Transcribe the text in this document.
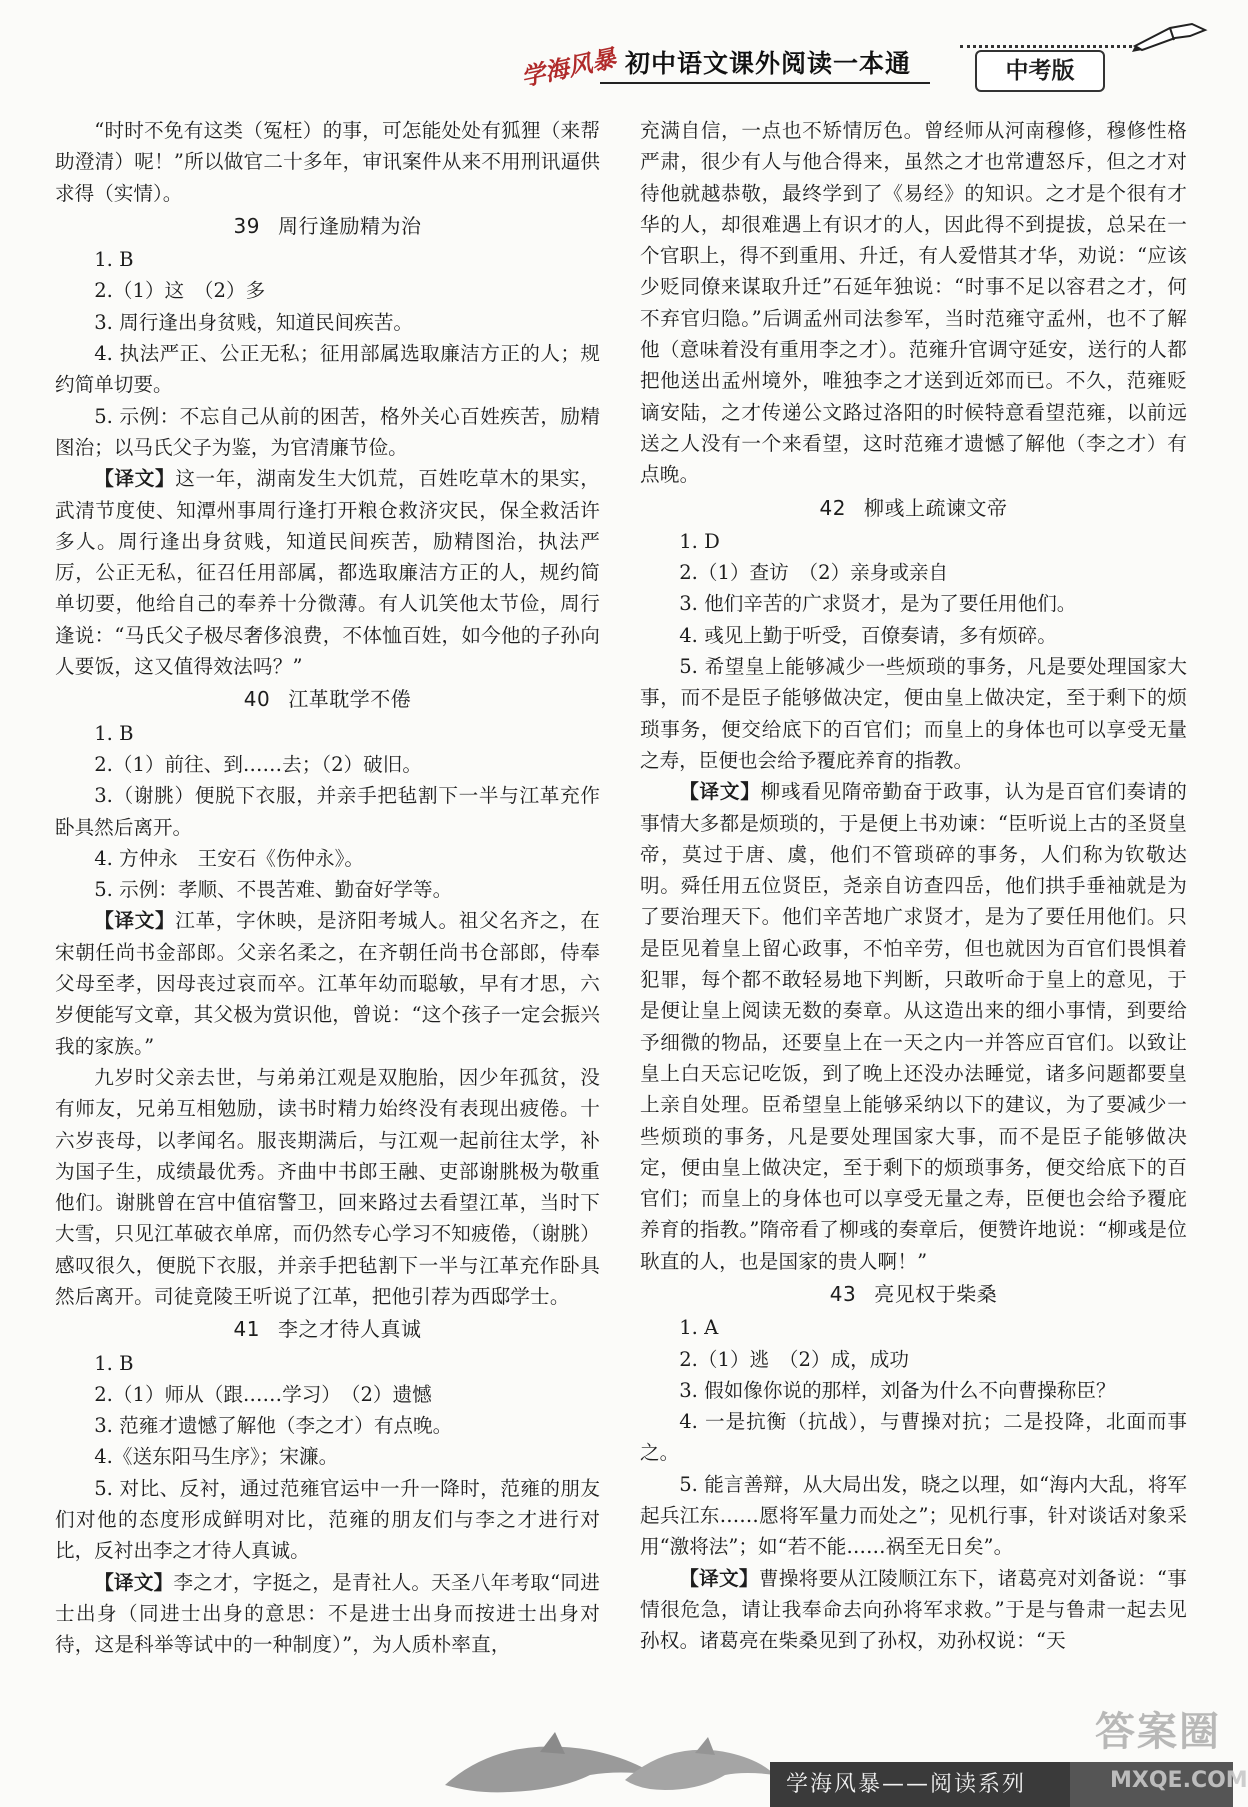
学海风暴 初中语文课外阅读一本通	中考版

“时时不免有这类（冤枉）的事，可怎能处处有狐狸（来帮助澄清）呢！”所以做官二十多年，审讯案件从来不用刑讯逼供求得（实情）。

39 周行逢励精为治

1. B

2.（1）这　（2）多

3. 周行逢出身贫贱，知道民间疾苦。

4. 执法严正、公正无私；征用部属选取廉洁方正的人；规约简单切要。

5. 示例：不忘自己从前的困苦，格外关心百姓疾苦，励精图治；以马氏父子为鉴，为官清廉节俭。

【译文】这一年，湖南发生大饥荒，百姓吃草木的果实，武清节度使、知潭州事周行逢打开粮仓救济灾民，保全救活许多人。周行逢出身贫贱，知道民间疾苦，励精图治，执法严厉，公正无私，征召任用部属，都选取廉洁方正的人，规约简单切要，他给自己的奉养十分微薄。有人讥笑他太节俭，周行逢说：“马氏父子极尽奢侈浪费，不体恤百姓，如今他的子孙向人要饭，这又值得效法吗？”

40 江革耽学不倦

1. B

2.（1）前往、到……去；（2）破旧。

3.（谢朓）便脱下衣服，并亲手把毡割下一半与江革充作卧具然后离开。

4. 方仲永　王安石《伤仲永》。

5. 示例：孝顺、不畏苦难、勤奋好学等。

【译文】江革，字休映，是济阳考城人。祖父名齐之，在宋朝任尚书金部郎。父亲名柔之，在齐朝任尚书仓部郎，侍奉父母至孝，因母丧过哀而卒。江革年幼而聪敏，早有才思，六岁便能写文章，其父极为赏识他，曾说：“这个孩子一定会振兴我的家族。”

九岁时父亲去世，与弟弟江观是双胞胎，因少年孤贫，没有师友，兄弟互相勉励，读书时精力始终没有表现出疲倦。十六岁丧母，以孝闻名。服丧期满后，与江观一起前往太学，补为国子生，成绩最优秀。齐曲中书郎王融、吏部谢朓极为敬重他们。谢朓曾在宫中值宿警卫，回来路过去看望江革，当时下大雪，只见江革破衣单席，而仍然专心学习不知疲倦，（谢朓）感叹很久，便脱下衣服，并亲手把毡割下一半与江革充作卧具然后离开。司徒竟陵王听说了江革，把他引荐为西邸学士。

41 李之才待人真诚

1. B

2.（1）师从（跟……学习）　（2）遗憾

3. 范雍才遗憾了解他（李之才）有点晚。

4.《送东阳马生序》；宋濂。

5. 对比、反衬，通过范雍官运中一升一降时，范雍的朋友们对他的态度形成鲜明对比，范雍的朋友们与李之才进行对比，反衬出李之才待人真诚。

【译文】李之才，字挺之，是青社人。天圣八年考取“同进士出身（同进士出身的意思：不是进士出身而按进士出身对待，这是科举等试中的一种制度）”，为人质朴率直，

充满自信，一点也不矫情厉色。曾经师从河南穆修，穆修性格严肃，很少有人与他合得来，虽然之才也常遭怒斥，但之才对待他就越恭敬，最终学到了《易经》的知识。之才是个很有才华的人，却很难遇上有识才的人，因此得不到提拔，总呆在一个官职上，得不到重用、升迁，有人爱惜其才华，劝说：“应该少贬同僚来谋取升迁”石延年独说：“时事不足以容君之才，何不弃官归隐。”后调孟州司法参军，当时范雍守孟州，也不了解他（意味着没有重用李之才）。范雍升官调守延安，送行的人都把他送出孟州境外，唯独李之才送到近郊而已。不久，范雍贬谪安陆，之才传递公文路过洛阳的时候特意看望范雍，以前远送之人没有一个来看望，这时范雍才遗憾了解他（李之才）有点晚。

42 柳彧上疏谏文帝

1. D

2.（1）查访　（2）亲身或亲自

3. 他们辛苦的广求贤才，是为了要任用他们。

4. 彧见上勤于听受，百僚奏请，多有烦碎。

5. 希望皇上能够减少一些烦琐的事务，凡是要处理国家大事，而不是臣子能够做决定，便由皇上做决定，至于剩下的烦琐事务，便交给底下的百官们；而皇上的身体也可以享受无量之寿，臣便也会给予覆庇养育的指教。

【译文】柳彧看见隋帝勤奋于政事，认为是百官们奏请的事情大多都是烦琐的，于是便上书劝谏：“臣听说上古的圣贤皇帝，莫过于唐、虞，他们不管琐碎的事务，人们称为钦敬达明。舜任用五位贤臣，尧亲自访查四岳，他们拱手垂袖就是为了要治理天下。他们辛苦地广求贤才，是为了要任用他们。只是臣见着皇上留心政事，不怕辛劳，但也就因为百官们畏惧着犯罪，每个都不敢轻易地下判断，只敢听命于皇上的意见，于是便让皇上阅读无数的奏章。从这造出来的细小事情，到要给予细微的物品，还要皇上在一天之内一并答应百官们。以致让皇上白天忘记吃饭，到了晚上还没办法睡觉，诸多问题都要皇上亲自处理。臣希望皇上能够采纳以下的建议，为了要减少一些烦琐的事务，凡是要处理国家大事，而不是臣子能够做决定，便由皇上做决定，至于剩下的烦琐事务，便交给底下的百官们；而皇上的身体也可以享受无量之寿，臣便也会给予覆庇养育的指教。”隋帝看了柳彧的奏章后，便赞许地说：“柳彧是位耿直的人，也是国家的贵人啊！”

43 亮见权于柴桑

1. A

2.（1）逃　（2）成，成功

3. 假如像你说的那样，刘备为什么不向曹操称臣？

4. 一是抗衡（抗战），与曹操对抗；二是投降，北面而事之。

5. 能言善辩，从大局出发，晓之以理，如“海内大乱，将军起兵江东……愿将军量力而处之”；见机行事，针对谈话对象采用“激将法”；如“若不能……祸至无日矣”。

【译文】曹操将要从江陵顺江东下，诸葛亮对刘备说：“事情很危急，请让我奉命去向孙将军求救。”于是与鲁肃一起去见孙权。诸葛亮在柴桑见到了孙权，劝孙权说：“天

答案圈
学海风暴——阅读系列	MXQE.COM
